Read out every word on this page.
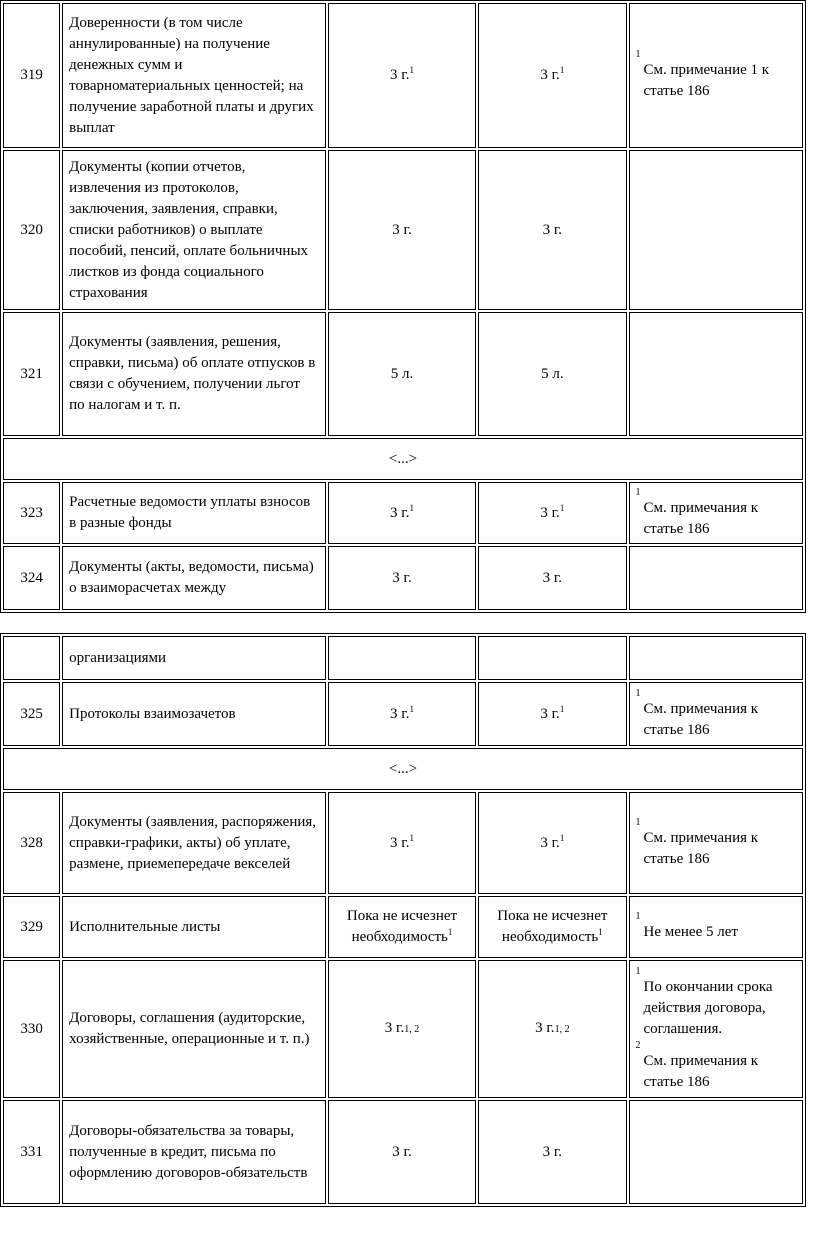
319	Доверенности (в том числе аннулированные) на получение денежных сумм и товарноматериальных ценностей; на получение заработной платы и других выплат	3 г.$^1$	3 г.$^1$	1
См. примечание 1 к статье 186

320	Документы (копии отчетов, извлечения из протоколов, заключения, заявления, справки, списки работников) о выплате пособий, пенсий, оплате больничных листков из фонда социального страхования	3 г.	3 г.	
321	Документы (заявления, решения, справки, письма) об оплате отпусков в связи с обучением, получении льгот по налогам и т. п.	5 л.	5 л.	
<...>				
323	Расчетные ведомости уплаты взносов в разные фонды	3 г.$^1$	3 г.$^1$	1
См. примечания к статье 186

324	Документы (акты, ведомости, письма) о взаиморасчетах между	3 г.	3 г.	
	организациями			
325	Протоколы взаимозачетов	3 г.$^1$	3 г.$^1$	1
См. примечания к статье 186

<...>				
328	Документы (заявления, распоряжения, справки-графики, акты) об уплате, размене, приемепередаче векселей	3 г.$^1$	3 г.$^1$	1
См. примечания к статье 186

329	Исполнительные листы	Пока не исчезнет необходимость$^1$	Пока не исчезнет необходимость$^1$	1
Не менее 5 лет

330	Договоры, соглашения (аудиторские, хозяйственные, операционные и т. п.)	3 г.1, 2	3 г.1, 2	1
По окончании срока действия договора, соглашения.
2
См. примечания к статье 186

331	Договоры-обязательства за товары, полученные в кредит, письма по оформлению договоров-обязательств	3 г.	3 г.	
